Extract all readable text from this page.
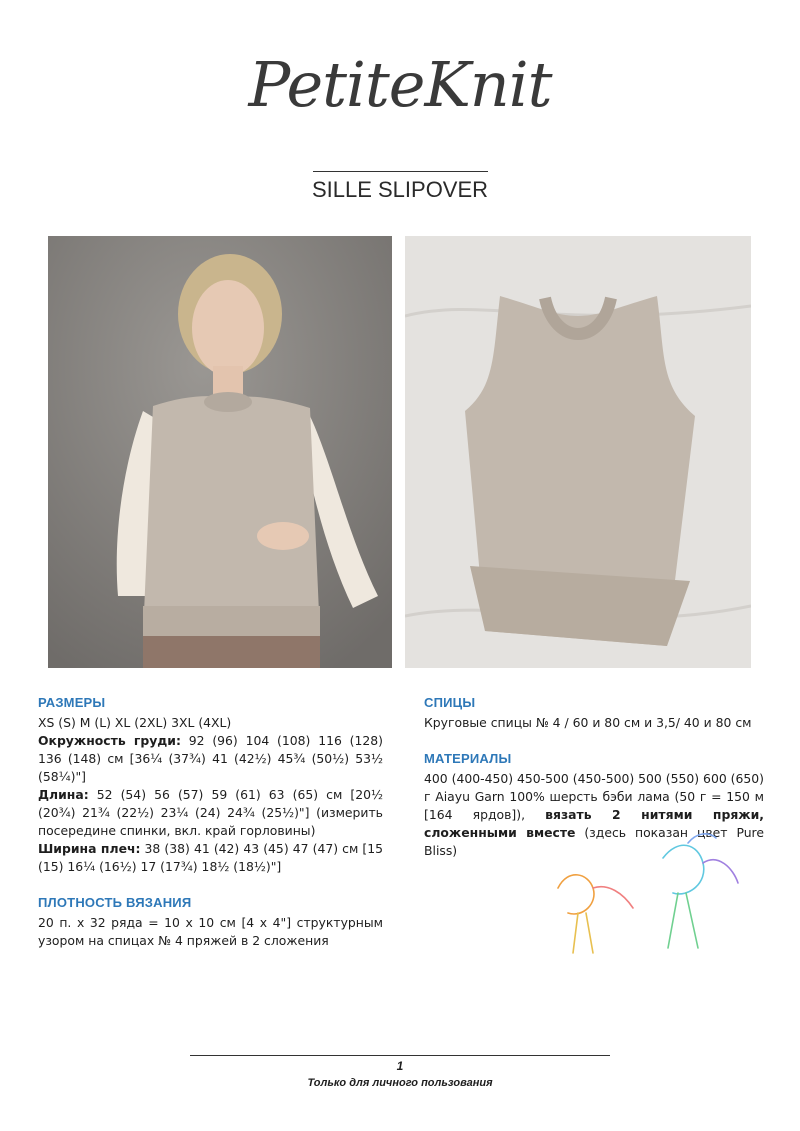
PetiteKnit
SILLE SLIPOVER
РАЗМЕРЫ

XS (S) M (L) XL (2XL) 3XL (4XL)

Окружность груди: 92 (96) 104 (108) 116 (128) 136 (148) см [36¼ (37¾) 41 (42½) 45¾ (50½) 53½ (58¼)"]

Длина: 52 (54) 56 (57) 59 (61) 63 (65) см [20½ (20¾) 21¾ (22½) 23¼ (24) 24¾ (25½)"] (измерить посередине спинки, вкл. край горловины)

Ширина плеч: 38 (38) 41 (42) 43 (45) 47 (47) см [15 (15) 16¼ (16½) 17 (17¾) 18½ (18½)"]

ПЛОТНОСТЬ ВЯЗАНИЯ

20 п. x 32 ряда = 10 x 10 см [4 x 4"] структурным узором на спицах № 4 пряжей в 2 сложения

СПИЦЫ

Круговые спицы № 4 / 60 и 80 см и 3,5/ 40 и 80 см

МАТЕРИАЛЫ

400 (400-450) 450-500 (450-500) 500 (550) 600 (650) г Aiayu Garn 100% шерсть бэби лама (50 г = 150 м [164 ярдов]), вязать 2 нитями пряжи, сложенными вместе (здесь показан цвет Pure Bliss)

1
Только для личного пользования
